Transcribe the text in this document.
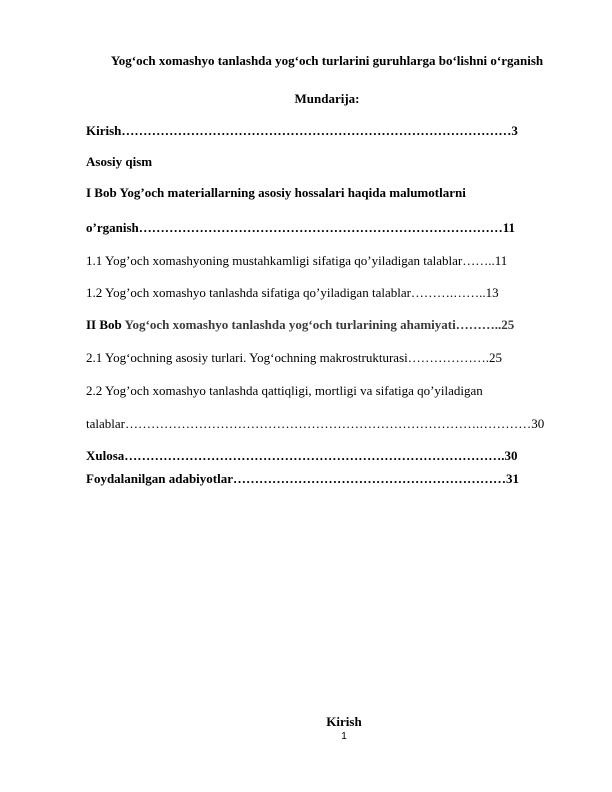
Yog‘och xomashyo tanlashda yog‘och turlarini guruhlarga bo‘lishni o‘rganish
Mundarija:
Kirish………………………………………………………………………………3
Asosiy qism
I Bob Yog’och materiallarning asosiy hossalari haqida malumotlarni
o’rganish…………………………………………………………………………11
1.1 Yog’och xomashyoning mustahkamligi sifatiga qo’yiladigan talablar……..11
1.2 Yog’och xomashyo tanlashda sifatiga qo’yiladigan talablar……….……..13
II Bob Yog‘och xomashyo tanlashda yog‘och turlarining ahamiyati………..25
2.1 Yog‘ochning asosiy turlari. Yog‘ochning makrostrukturasi……………….25
2.2 Yog’och xomashyo tanlashda qattiqligi, mortligi va sifatiga qo’yiladigan
talablar……………………………………………………………………….…………30
Xulosa…………………………………………………………………………….30
Foydalanilgan adabiyotlar………………………………………………………31
Kirish
1
